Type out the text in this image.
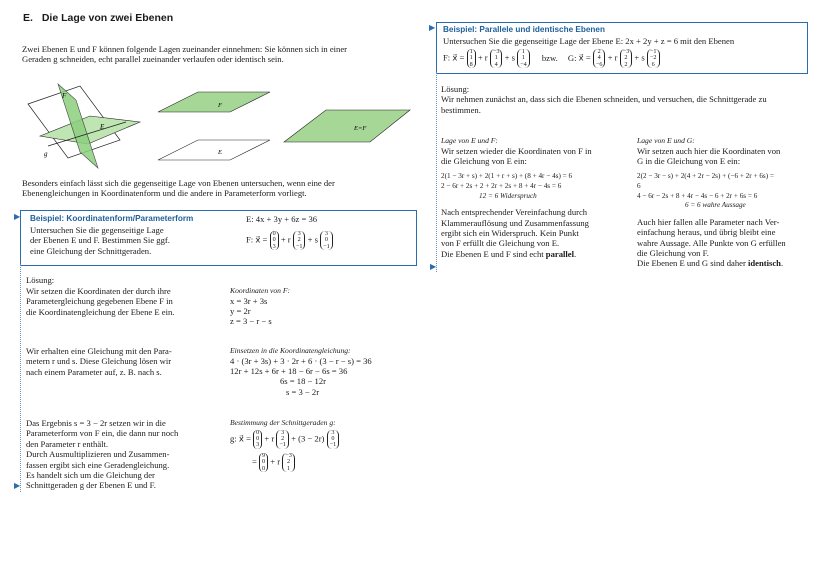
E. Die Lage von zwei Ebenen
Zwei Ebenen E und F können folgende Lagen zueinander einnehmen: Sie können sich in einer
Geraden g schneiden, echt parallel zueinander verlaufen oder identisch sein.
F
E
g
F
E
E=F
Besonders einfach lässt sich die gegenseitige Lage von Ebenen untersuchen, wenn eine der
Ebenengleichungen in Koordinatenform und die andere in Parameterform vorliegt.
▶ Beispiel: Koordinatenform/Parameterform
Untersuchen Sie die gegenseitige Lage
der Ebenen E und F. Bestimmen Sie ggf.
eine Gleichung der Schnittgeraden.
E: 4x + 3y + 6z = 36
F: x⃗ =
0
0
3
+ r
3
2
−1
+ s
3
0
−1
Lösung:
Wir setzen die Koordinaten der durch ihre
Parametergleichung gegebenen Ebene F in
die Koordinatengleichung der Ebene E ein.
Koordinaten von F:
x = 3r + 3s
y = 2r
z = 3 − r − s
Wir erhalten eine Gleichung mit den Para-
metern r und s. Diese Gleichung lösen wir
nach einem Parameter auf, z. B. nach s.
Einsetzen in die Koordinatengleichung:
4 · (3r + 3s) + 3 · 2r + 6 · (3 − r − s) = 36
12r + 12s + 6r + 18 − 6r − 6s = 36
6s = 18 − 12r
s = 3 − 2r
Das Ergebnis s = 3 − 2r setzen wir in die
Parameterform von F ein, die dann nur noch
den Parameter r enthält.
Durch Ausmultiplizieren und Zusammen-
fassen ergibt sich eine Geradengleichung.
Es handelt sich um die Gleichung der
Schnittgeraden g der Ebenen E und F.
▶
Bestimmung der Schnittgeraden g:
g: x⃗ =
0
0
3
+ r
3
2
−1
+ (3 − 2r)
3
0
−1
=
9
0
0
+ r
−3
2
1
▶ Beispiel: Parallele und identische Ebenen
Untersuchen Sie die gegenseitige Lage der Ebene E: 2x + 2y + z = 6 mit den Ebenen
F: x⃗ =
1
1
8
+ r
−3
1
4
+ s
1
1
−4
bzw. G: x⃗ =
2
4
−6
+ r
−3
2
2
+ s
−1
−2
6
Lösung:
Wir nehmen zunächst an, dass sich die Ebenen schneiden, und versuchen, die Schnittgerade zu
bestimmen.
Lage von E und F:
Wir setzen wieder die Koordinaten von F in
die Gleichung von E ein:
2(1 − 3r + s) + 2(1 + r + s) + (8 + 4r − 4s) = 6
2 − 6r + 2s + 2 + 2r + 2s + 8 + 4r − 4s = 6
12 = 6 Widerspruch
Nach entsprechender Vereinfachung durch
Klammerauflösung und Zusammenfassung
ergibt sich ein Widerspruch. Kein Punkt
von F erfüllt die Gleichung von E.
Die Ebenen E und F sind echt parallel.
▶
Lage von E und G:
Wir setzen auch hier die Koordinaten von
G in die Gleichung von E ein:
2(2 − 3r − s) + 2(4 + 2r − 2s) + (−6 + 2r + 6s) =
6
4 − 6r − 2s + 8 + 4r − 4s − 6 + 2r + 6s = 6
6 = 6 wahre Aussage
Auch hier fallen alle Parameter nach Ver-
einfachung heraus, und übrig bleibt eine
wahre Aussage. Alle Punkte von G erfüllen
die Gleichung von F.
Die Ebenen E und G sind daher identisch.
